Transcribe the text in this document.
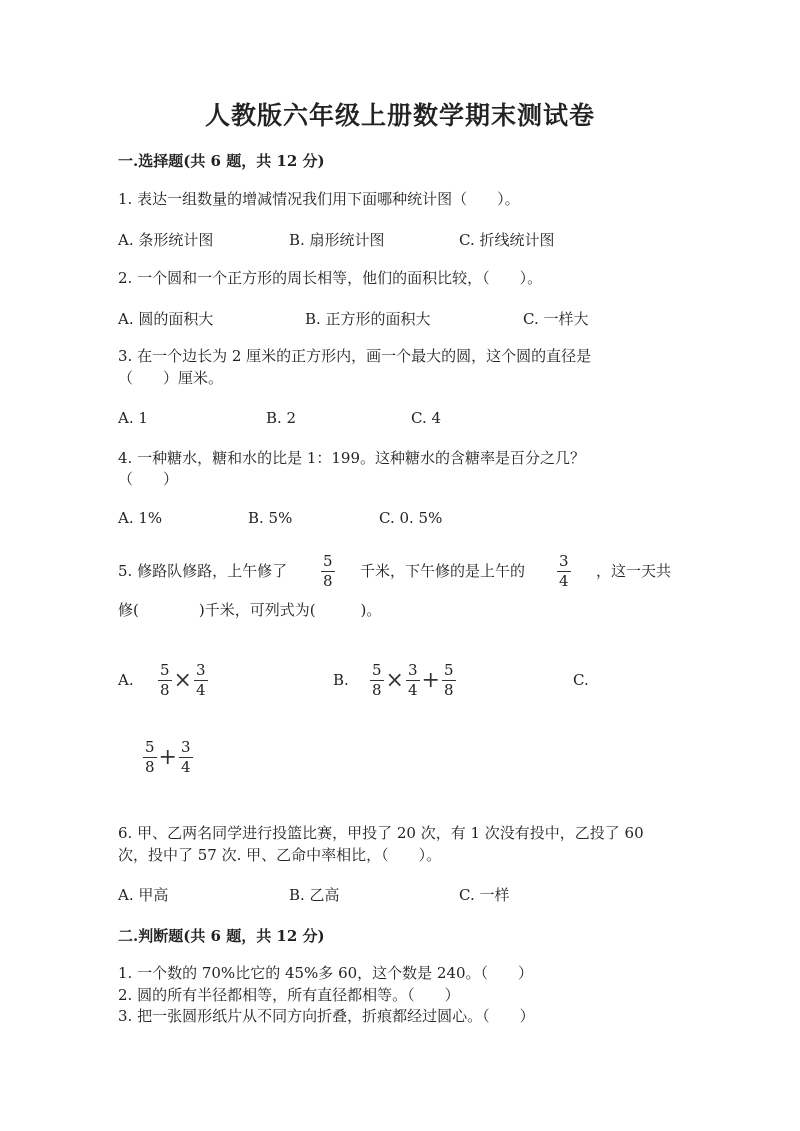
人教版六年级上册数学期末测试卷
一.选择题(共 6 题，共 12 分)
1. 表达一组数量的增减情况我们用下面哪种统计图（　　）。
A. 条形统计图	B. 扇形统计图	C. 折线统计图
2. 一个圆和一个正方形的周长相等，他们的面积比较，（　　）。
A. 圆的面积大	B. 正方形的面积大	C. 一样大
3. 在一个边长为 2 厘米的正方形内，画一个最大的圆，这个圆的直径是
（　　）厘米。
A. 1	B. 2	C. 4
4. 一种糖水，糖和水的比是 1：199。这种糖水的含糖率是百分之几？
（　　）
A. 1%	B. 5%	C. 0. 5%
5. 修路队修路，上午修了 $\frac{5}{8}$ 千米，下午修的是上午的 $\frac{3}{4}$ ，这一天共
修(　　　　)千米，可列式为(　　　)。
A. $\frac{5}{8} \times \frac{3}{4}$	B. $\frac{5}{8} \times \frac{3}{4} + \frac{5}{8}$	C.
$\frac{5}{8} + \frac{3}{4}$
6. 甲、乙两名同学进行投篮比赛，甲投了 20 次，有 1 次没有投中，乙投了 60
次，投中了 57 次. 甲、乙命中率相比，（　　）。
A. 甲高	B. 乙高	C. 一样
二.判断题(共 6 题，共 12 分)
1. 一个数的 70%比它的 45%多 60，这个数是 240。（　　）
2. 圆的所有半径都相等，所有直径都相等。（　　）
3. 把一张圆形纸片从不同方向折叠，折痕都经过圆心。（　　）
